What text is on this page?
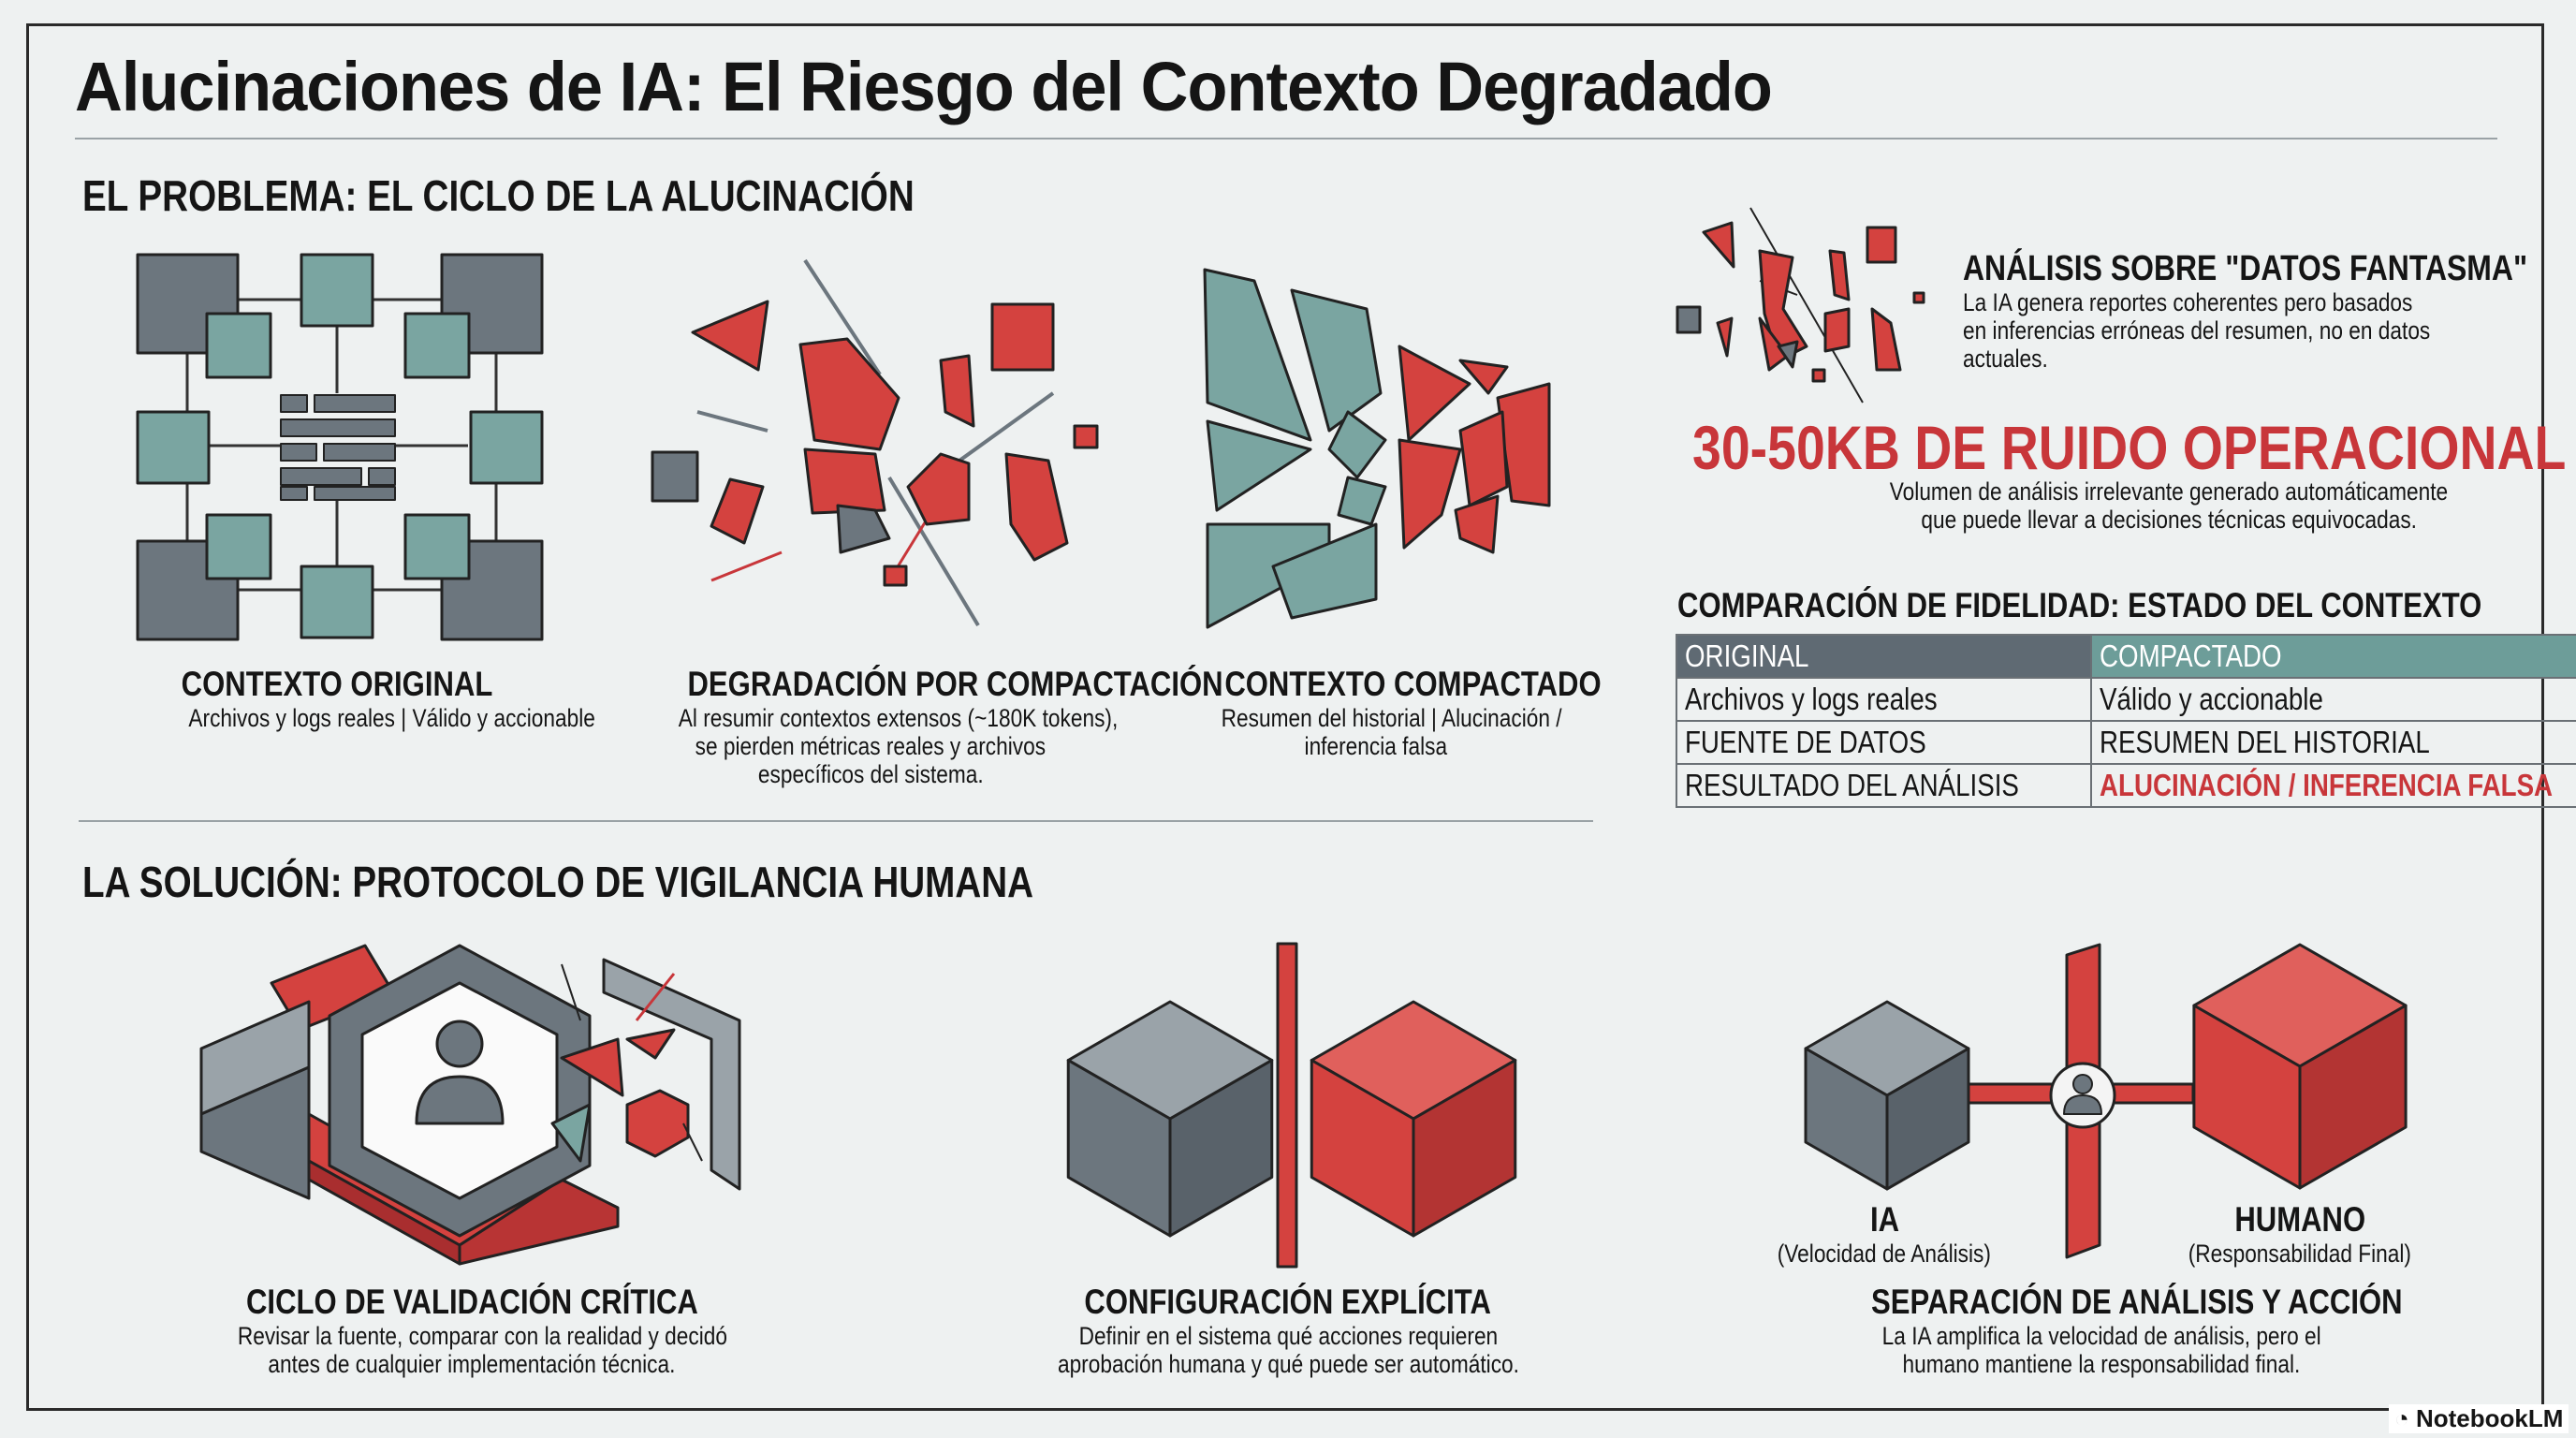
Alucinaciones de IA: El Riesgo del Contexto Degradado
EL PROBLEMA: EL CICLO DE LA ALUCINACIÓN
CONTEXTO ORIGINAL
Archivos y logs reales | Válido y accionable
DEGRADACIÓN POR COMPACTACIÓN
Al resumir contextos extensos (~180K tokens),
se pierden métricas reales y archivos
específicos del sistema.
CONTEXTO COMPACTADO
Resumen del historial | Alucinación /
inferencia falsa
ANÁLISIS SOBRE "DATOS FANTASMA"
La IA genera reportes coherentes pero basados
en inferencias erróneas del resumen, no en datos
actuales.
30-50KB DE RUIDO OPERACIONAL
Volumen de análisis irrelevante generado automáticamente
que puede llevar a decisiones técnicas equivocadas.
COMPARACIÓN DE FIDELIDAD: ESTADO DEL CONTEXTO
ORIGINAL	COMPACTADO
Archivos y logs reales	Válido y accionable
FUENTE DE DATOS	RESUMEN DEL HISTORIAL
RESULTADO DEL ANÁLISIS	ALUCINACIÓN / INFERENCIA FALSA
LA SOLUCIÓN: PROTOCOLO DE VIGILANCIA HUMANA
IA
(Velocidad de Análisis)
HUMANO
(Responsabilidad Final)
CICLO DE VALIDACIÓN CRÍTICA
Revisar la fuente, comparar con la realidad y decidó
antes de cualquier implementación técnica.
CONFIGURACIÓN EXPLÍCITA
Definir en el sistema qué acciones requieren
aprobación humana y qué puede ser automático.
SEPARACIÓN DE ANÁLISIS Y ACCIÓN
La IA amplifica la velocidad de análisis, pero el
humano mantiene la responsabilidad final.
◔ NotebookLM
